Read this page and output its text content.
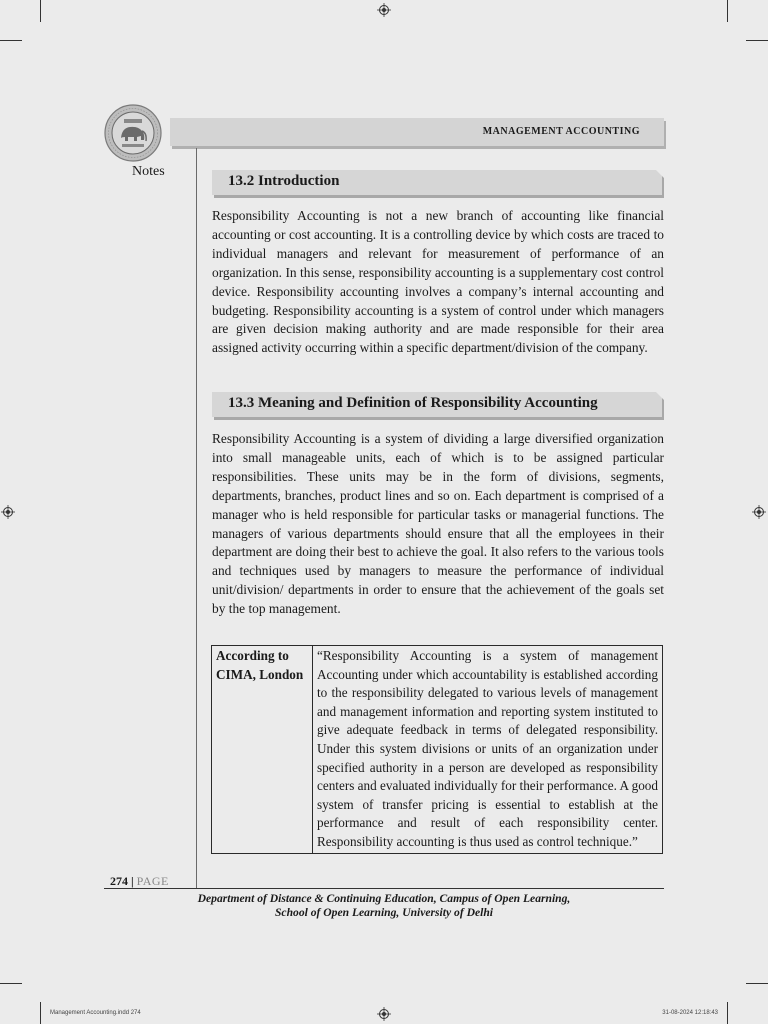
MANAGEMENT ACCOUNTING
Notes
13.2 Introduction
Responsibility Accounting is not a new branch of accounting like financial accounting or cost accounting. It is a controlling device by which costs are traced to individual managers and relevant for measurement of performance of an organization. In this sense, responsibility accounting is a supplementary cost control device. Responsibility accounting involves a company’s internal accounting and budgeting. Responsibility accounting is a system of control under which managers are given decision making authority and are made responsible for their area assigned activity occurring within a specific department/division of the company.
13.3 Meaning and Definition of Responsibility Accounting
Responsibility Accounting is a system of dividing a large diversified organization into small manageable units, each of which is to be assigned particular responsibilities. These units may be in the form of divisions, segments, departments, branches, product lines and so on. Each department is comprised of a manager who is held responsible for particular tasks or managerial functions. The managers of various departments should ensure that all the employees in their department are doing their best to achieve the goal. It also refers to the various tools and techniques used by managers to measure the performance of individual unit/division/ departments in order to ensure that the achievement of the goals set by the top management.
According to CIMA, London	“Responsibility Accounting is a system of management Accounting under which accountability is established according to the responsibility delegated to various levels of management and management information and reporting system instituted to give adequate feedback in terms of delegated responsibility. Under this system divisions or units of an organization under specified authority in a person are developed as responsibility centers and evaluated individually for their performance. A good system of transfer pricing is essential to establish at the performance and result of each responsibility center. Responsibility accounting is thus used as control technique.”
274 | PAGE
Department of Distance & Continuing Education, Campus of Open Learning,
School of Open Learning, University of Delhi
Management Accounting.indd 274	31-08-2024 12:18:43
